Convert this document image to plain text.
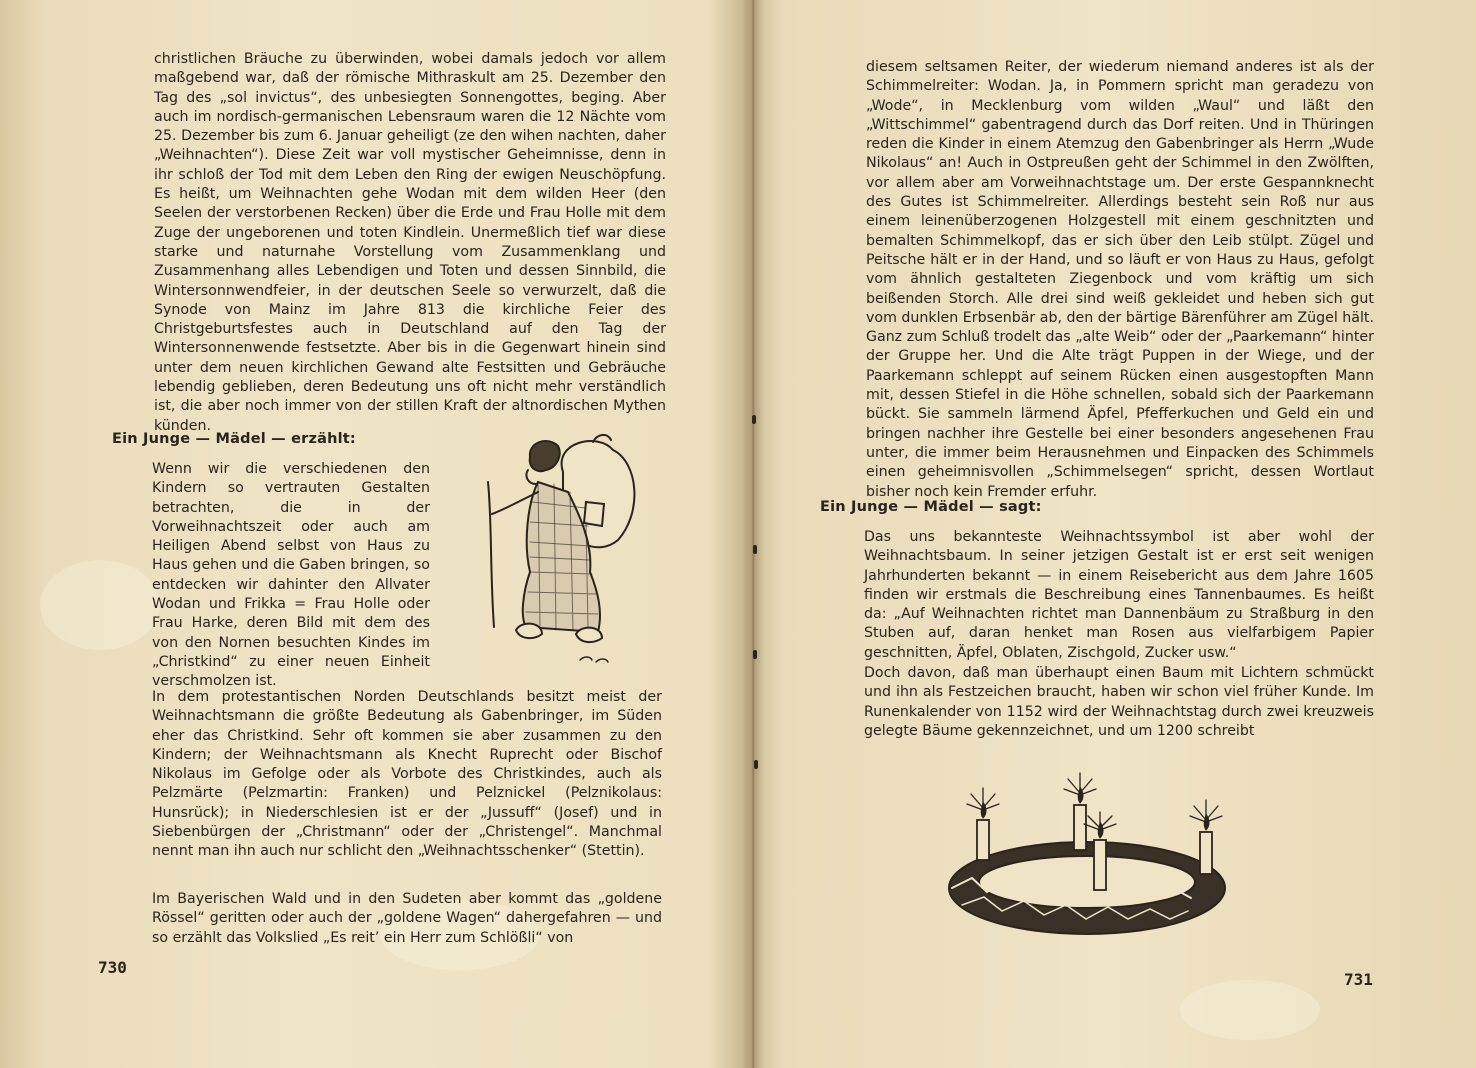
christlichen Bräuche zu überwinden, wobei damals jedoch vor allem maßgebend war, daß der römische Mithraskult am 25. Dezember den Tag des „sol invictus“, des unbesiegten Sonnengottes, beging. Aber auch im nordisch-germanischen Lebensraum waren die 12 Nächte vom 25. Dezember bis zum 6. Januar geheiligt (ze den wihen nachten, daher „Weihnachten“). Diese Zeit war voll mystischer Geheimnisse, denn in ihr schloß der Tod mit dem Leben den Ring der ewigen Neuschöpfung. Es heißt, um Weihnachten gehe Wodan mit dem wilden Heer (den Seelen der verstorbenen Recken) über die Erde und Frau Holle mit dem Zuge der ungeborenen und toten Kindlein. Unermeßlich tief war diese starke und naturnahe Vorstellung vom Zusammenklang und Zusammenhang alles Lebendigen und Toten und dessen Sinnbild, die Wintersonnwendfeier, in der deutschen Seele so verwurzelt, daß die Synode von Mainz im Jahre 813 die kirchliche Feier des Christgeburtsfestes auch in Deutschland auf den Tag der Wintersonnenwende festsetzte. Aber bis in die Gegenwart hinein sind unter dem neuen kirchlichen Gewand alte Festsitten und Gebräuche lebendig geblieben, deren Bedeutung uns oft nicht mehr verständlich ist, die aber noch immer von der stillen Kraft der altnordischen Mythen künden.

Ein Junge — Mädel — erzählt:

Wenn wir die verschiedenen den Kindern so vertrauten Gestalten betrachten, die in der Vorweihnachtszeit oder auch am Heiligen Abend selbst von Haus zu Haus gehen und die Gaben bringen, so entdecken wir dahinter den Allvater Wodan und Frikka = Frau Holle oder Frau Harke, deren Bild mit dem des von den Nornen besuchten Kindes im „Christkind“ zu einer neuen Einheit verschmolzen ist.

In dem protestantischen Norden Deutschlands besitzt meist der Weihnachtsmann die größte Bedeutung als Gabenbringer, im Süden eher das Christkind. Sehr oft kommen sie aber zusammen zu den Kindern; der Weihnachtsmann als Knecht Ruprecht oder Bischof Nikolaus im Gefolge oder als Vorbote des Christkindes, auch als Pelzmärte (Pelzmartin: Franken) und Pelznickel (Pelznikolaus: Hunsrück); in Niederschlesien ist er der „Jussuff“ (Josef) und in Siebenbürgen der „Christmann“ oder der „Christengel“. Manchmal nennt man ihn auch nur schlicht den „Weihnachtsschenker“ (Stettin).

Im Bayerischen Wald und in den Sudeten aber kommt das „goldene Rössel“ geritten oder auch der „goldene Wagen“ dahergefahren — und so erzählt das Volkslied „Es reit’ ein Herr zum Schlößli“ von

730

diesem seltsamen Reiter, der wiederum niemand anderes ist als der Schimmelreiter: Wodan. Ja, in Pommern spricht man geradezu von „Wode“, in Mecklenburg vom wilden „Waul“ und läßt den „Wittschimmel“ gabentragend durch das Dorf reiten. Und in Thüringen reden die Kinder in einem Atemzug den Gabenbringer als Herrn „Wude Nikolaus“ an! Auch in Ostpreußen geht der Schimmel in den Zwölften, vor allem aber am Vorweihnachtstage um. Der erste Gespannknecht des Gutes ist Schimmelreiter. Allerdings besteht sein Roß nur aus einem leinenüberzogenen Holzgestell mit einem geschnitzten und bemalten Schimmelkopf, das er sich über den Leib stülpt. Zügel und Peitsche hält er in der Hand, und so läuft er von Haus zu Haus, gefolgt vom ähnlich gestalteten Ziegenbock und vom kräftig um sich beißenden Storch. Alle drei sind weiß gekleidet und heben sich gut vom dunklen Erbsenbär ab, den der bärtige Bärenführer am Zügel hält. Ganz zum Schluß trodelt das „alte Weib“ oder der „Paarkemann“ hinter der Gruppe her. Und die Alte trägt Puppen in der Wiege, und der Paarkemann schleppt auf seinem Rücken einen ausgestopften Mann mit, dessen Stiefel in die Höhe schnellen, sobald sich der Paarkemann bückt. Sie sammeln lärmend Äpfel, Pfefferkuchen und Geld ein und bringen nachher ihre Gestelle bei einer besonders angesehenen Frau unter, die immer beim Herausnehmen und Einpacken des Schimmels einen geheimnisvollen „Schimmelsegen“ spricht, dessen Wortlaut bisher noch kein Fremder erfuhr.

Ein Junge — Mädel — sagt:

Das uns bekannteste Weihnachtssymbol ist aber wohl der Weihnachtsbaum. In seiner jetzigen Gestalt ist er erst seit wenigen Jahrhunderten bekannt — in einem Reisebericht aus dem Jahre 1605 finden wir erstmals die Beschreibung eines Tannenbaumes. Es heißt da: „Auf Weihnachten richtet man Dannenbäum zu Straßburg in den Stuben auf, daran henket man Rosen aus vielfarbigem Papier geschnitten, Äpfel, Oblaten, Zischgold, Zucker usw.“

Doch davon, daß man überhaupt einen Baum mit Lichtern schmückt und ihn als Festzeichen braucht, haben wir schon viel früher Kunde. Im Runenkalender von 1152 wird der Weihnachtstag durch zwei kreuzweis gelegte Bäume gekennzeichnet, und um 1200 schreibt

731
